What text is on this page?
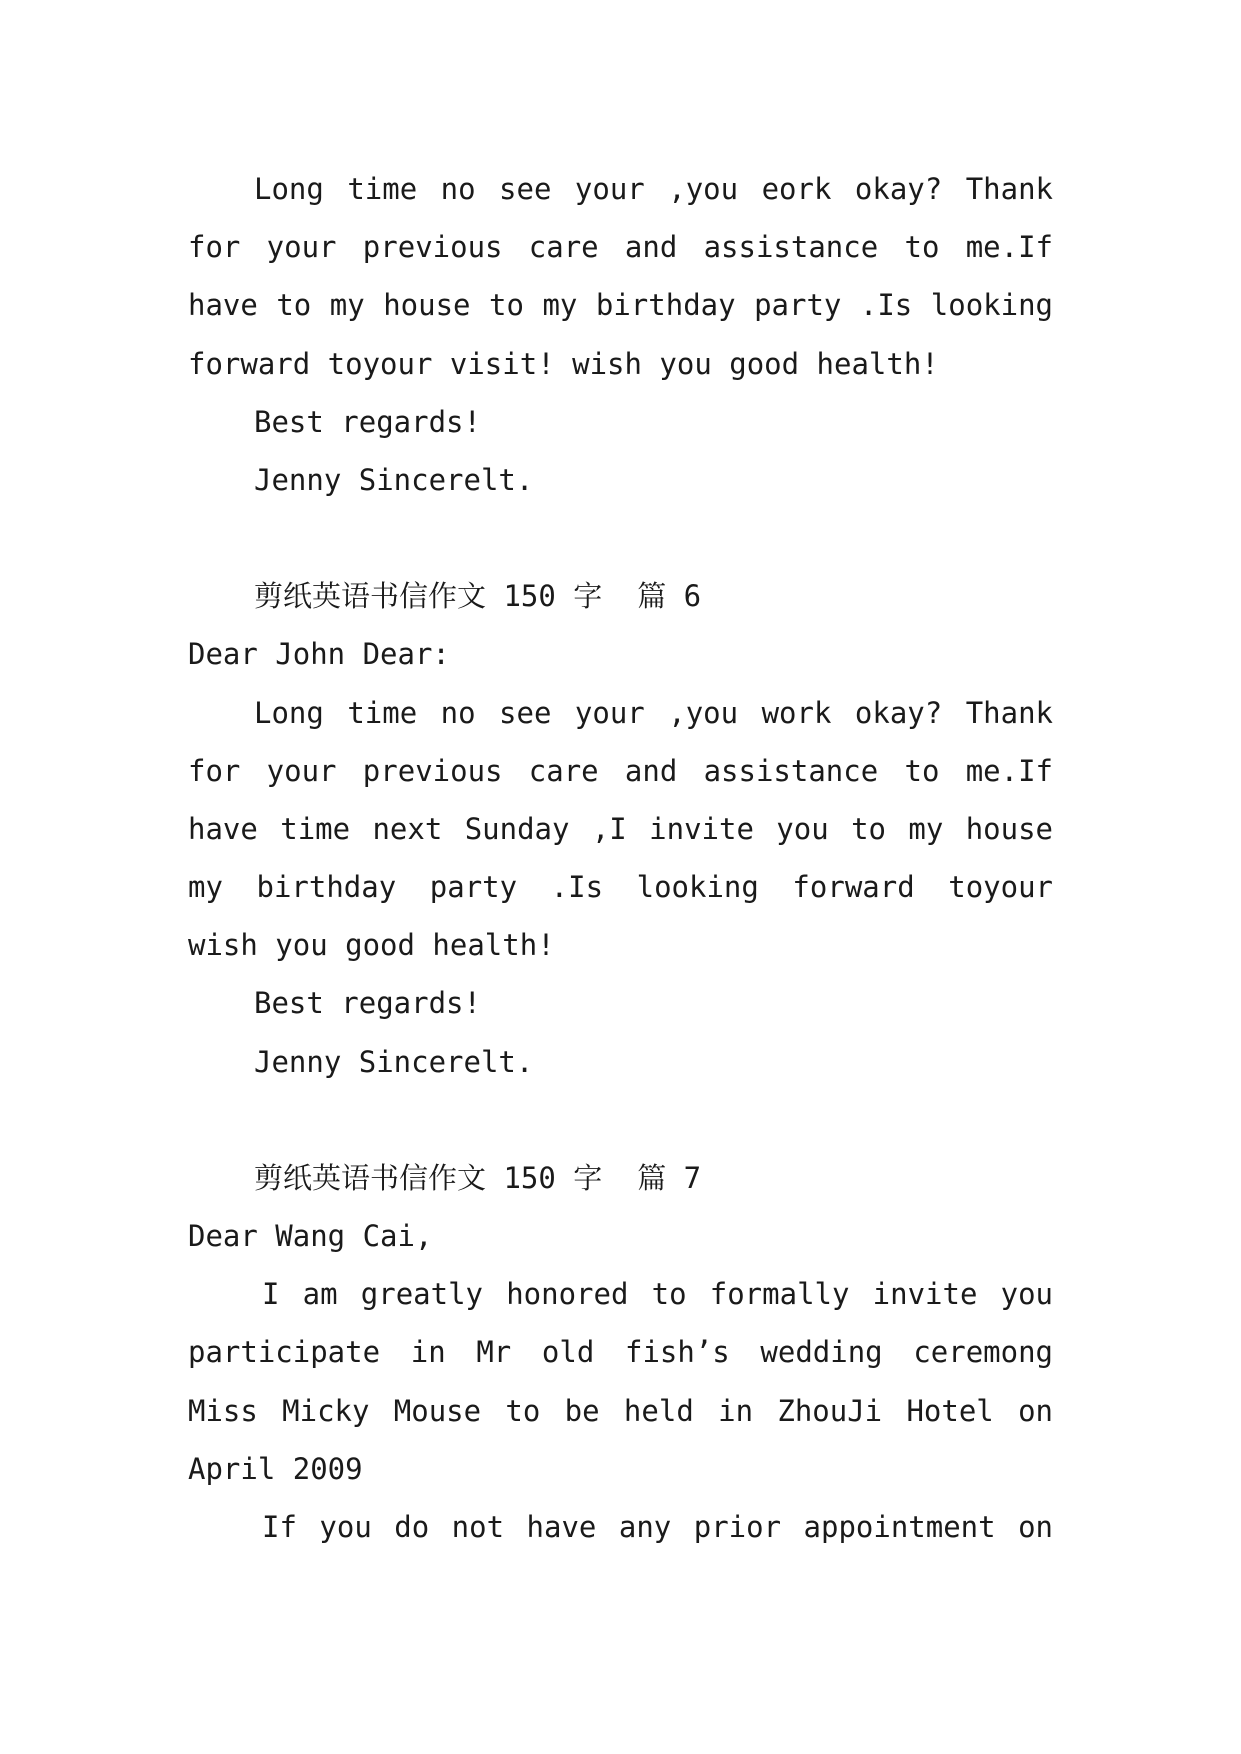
Long time no see your ,you eork okay? Thank
for your previous care and assistance to me.If
have to my house to my birthday party .Is looking
forward toyour visit! wish you good health!
Best regards!
Jenny Sincerelt.
剪纸英语书信作文 150 字  篇 6
Dear John Dear:
Long time no see your ,you work okay? Thank
for your previous care and assistance to me.If
have time next Sunday ,I invite you to my house
my birthday party .Is looking forward toyour
wish you good health!
Best regards!
Jenny Sincerelt.
剪纸英语书信作文 150 字  篇 7
Dear Wang Cai,
I am greatly honored to formally invite you
participate in Mr old fish’s wedding ceremong
Miss Micky Mouse to be held in ZhouJi Hotel on
April 2009
If you do not have any prior appointment on
